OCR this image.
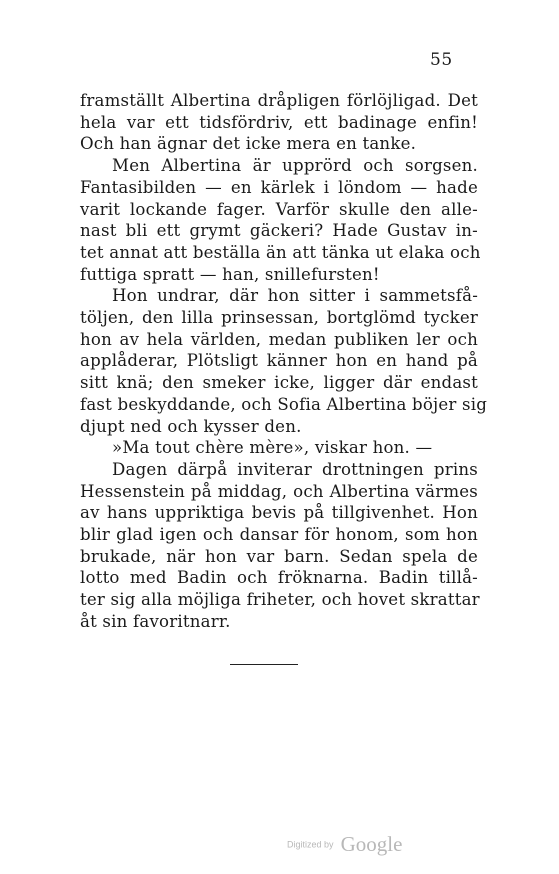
55
framställt Albertina dråpligen förlöjligad. Det
hela var ett tidsfördriv, ett badinage enfin!
Och han ägnar det icke mera en tanke.
Men Albertina är upprörd och sorgsen.
Fantasibilden — en kärlek i löndom — hade
varit lockande fager. Varför skulle den alle-
nast bli ett grymt gäckeri? Hade Gustav in-
tet annat att beställa än att tänka ut elaka och
futtiga spratt — han, snillefursten!
Hon undrar, där hon sitter i sammetsfå-
töljen, den lilla prinsessan, bortglömd tycker
hon av hela världen, medan publiken ler och
applåderar, Plötsligt känner hon en hand på
sitt knä; den smeker icke, ligger där endast
fast beskyddande, och Sofia Albertina böjer sig
djupt ned och kysser den.
»Ma tout chère mère», viskar hon. —
Dagen därpå inviterar drottningen prins
Hessenstein på middag, och Albertina värmes
av hans uppriktiga bevis på tillgivenhet. Hon
blir glad igen och dansar för honom, som hon
brukade, när hon var barn. Sedan spela de
lotto med Badin och fröknarna. Badin tillå-
ter sig alla möjliga friheter, och hovet skrattar
åt sin favoritnarr.
Digitized by Google
